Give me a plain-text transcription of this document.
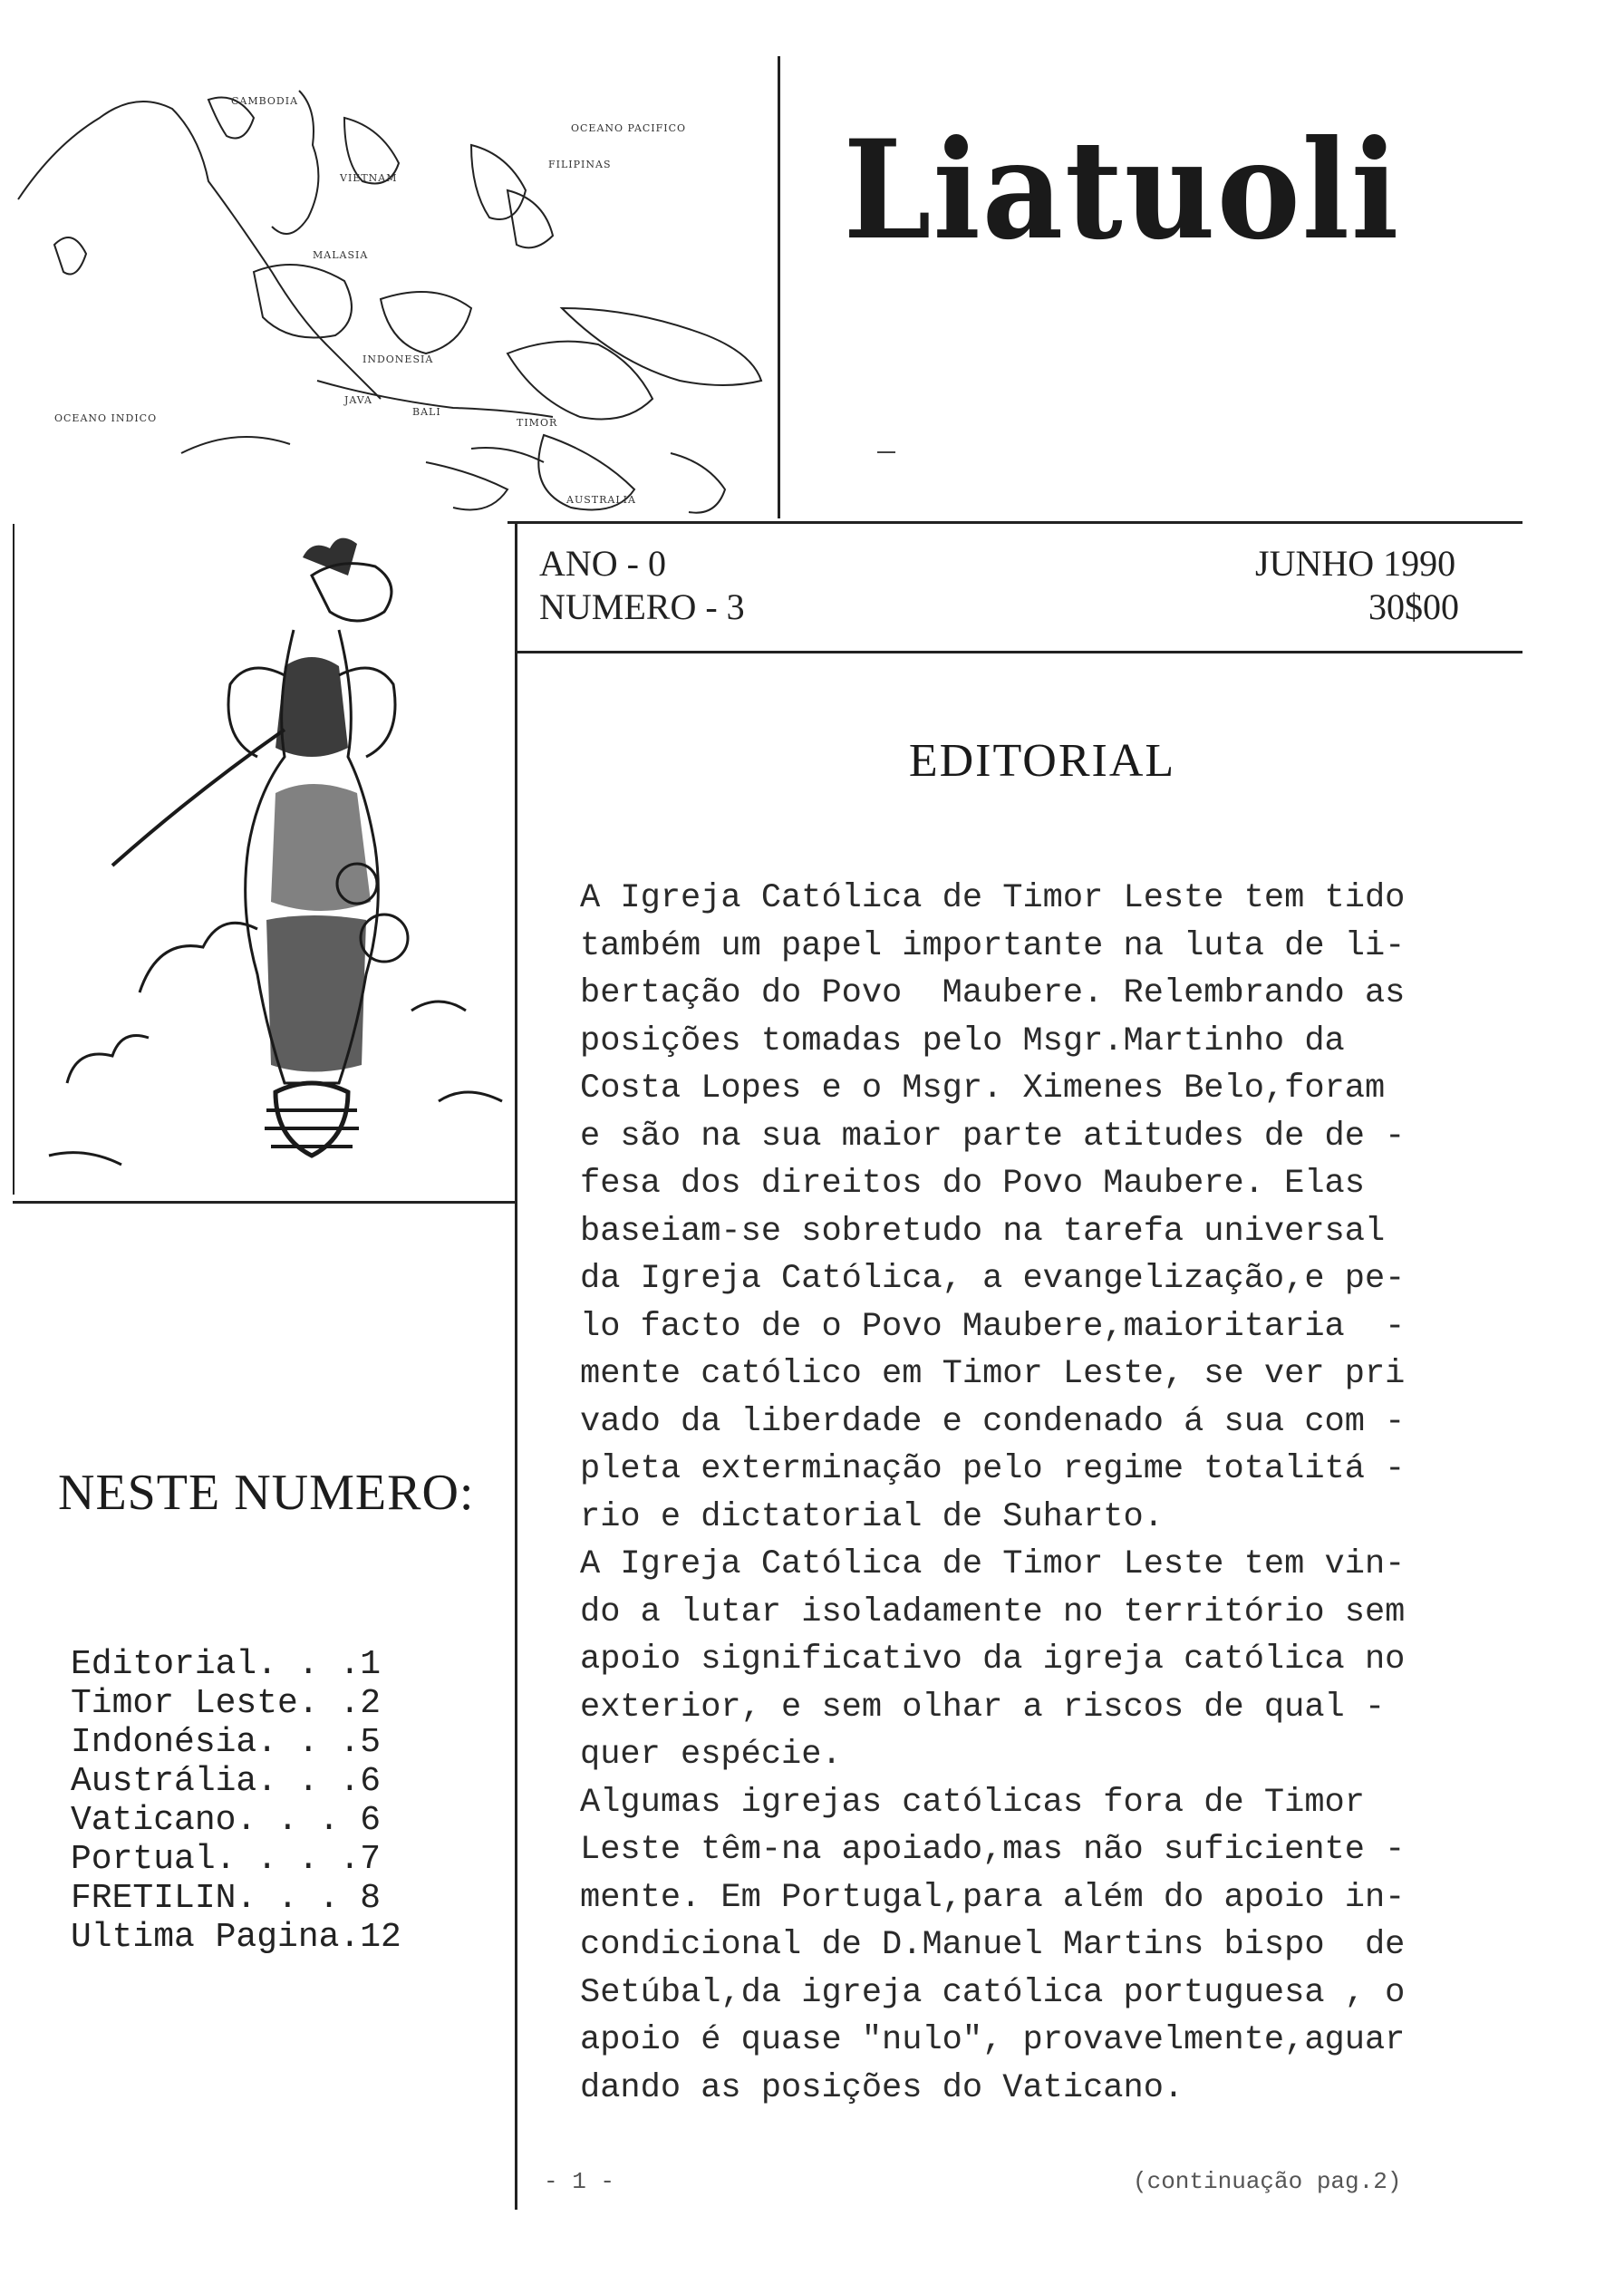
CAMBODIA
OCEANO PACIFICO
VIETNAM
FILIPINAS
MALASIA
INDONESIA
JAVA
OCEANO INDICO
AUSTRALIA
TIMOR
BALI
Liatuoli
ANO - 0
NUMERO - 3
JUNHO 1990
30$00
NESTE NUMERO:
Editorial. . .1
Timor Leste. .2
Indonésia. . .5
Austrália. . .6
Vaticano. . . 6
Portual. . . .7
FRETILIN. . . 8
Ultima Pagina.12
EDITORIAL
A Igreja Católica de Timor Leste tem tido
também um papel importante na luta de li-
bertação do Povo  Maubere. Relembrando as
posições tomadas pelo Msgr.Martinho da
Costa Lopes e o Msgr. Ximenes Belo,foram
e são na sua maior parte atitudes de de -
fesa dos direitos do Povo Maubere. Elas
baseiam-se sobretudo na tarefa universal
da Igreja Católica, a evangelização,e pe-
lo facto de o Povo Maubere,maioritaria  -
mente católico em Timor Leste, se ver pri
vado da liberdade e condenado á sua com -
pleta exterminação pelo regime totalitá -
rio e dictatorial de Suharto.
A Igreja Católica de Timor Leste tem vin-
do a lutar isoladamente no território sem
apoio significativo da igreja católica no
exterior, e sem olhar a riscos de qual -
quer espécie.
Algumas igrejas católicas fora de Timor
Leste têm-na apoiado,mas não suficiente -
mente. Em Portugal,para além do apoio in-
condicional de D.Manuel Martins bispo  de
Setúbal,da igreja católica portuguesa , o
apoio é quase "nulo", provavelmente,aguar
dando as posições do Vaticano.
- 1 -	(continuação pag.2)
